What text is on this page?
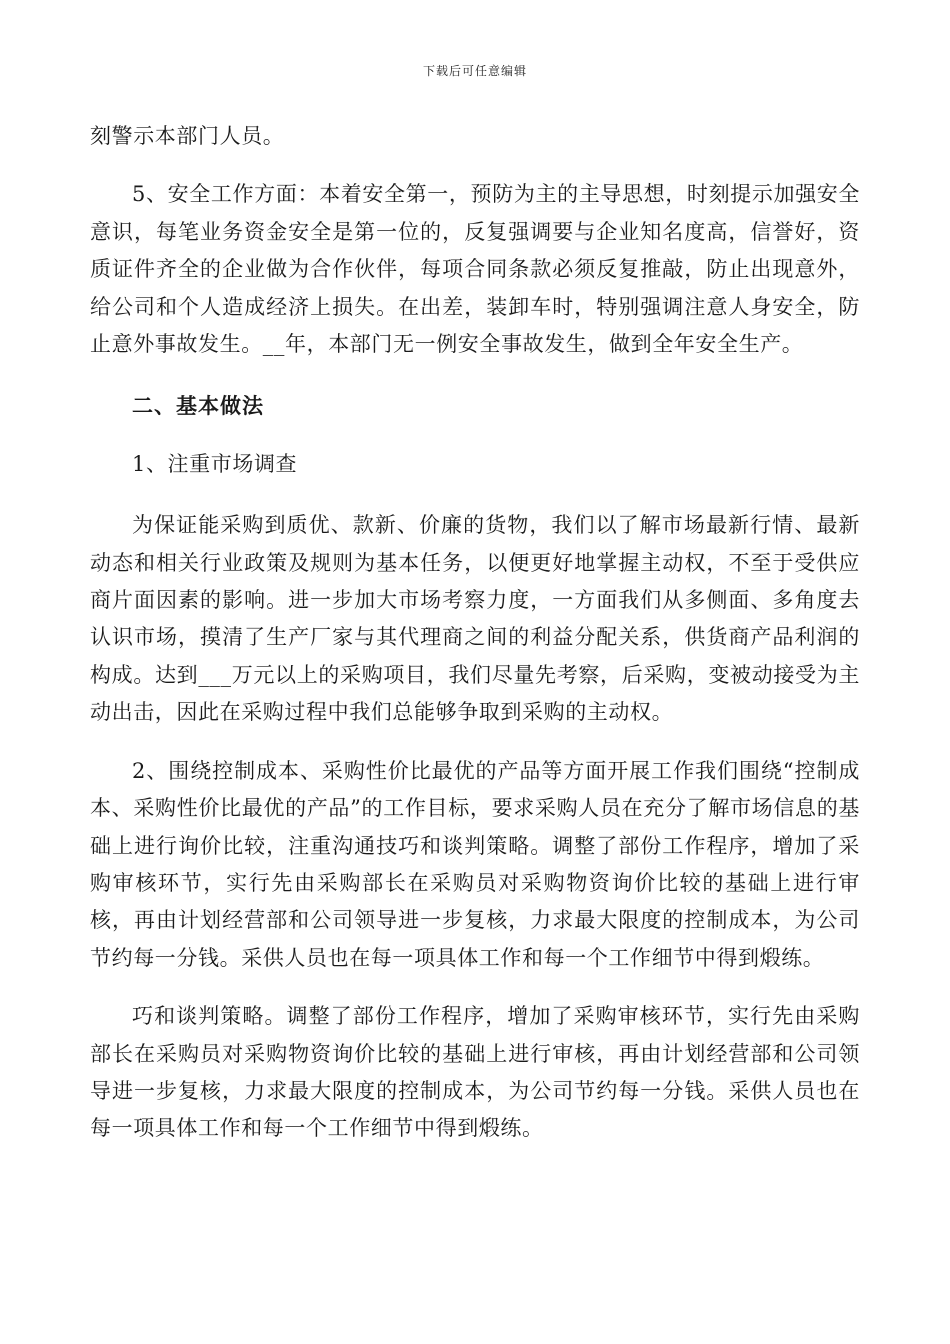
下载后可任意编辑

刻警示本部门人员。

5、安全工作方面：本着安全第一，预防为主的主导思想，时刻提示加强安全意识，每笔业务资金安全是第一位的，反复强调要与企业知名度高，信誉好，资质证件齐全的企业做为合作伙伴，每项合同条款必须反复推敲，防止出现意外，给公司和个人造成经济上损失。在出差，装卸车时，特别强调注意人身安全，防止意外事故发生。__年，本部门无一例安全事故发生，做到全年安全生产。

二、基本做法

1、注重市场调查

为保证能采购到质优、款新、价廉的货物，我们以了解市场最新行情、最新动态和相关行业政策及规则为基本任务，以便更好地掌握主动权，不至于受供应商片面因素的影响。进一步加大市场考察力度，一方面我们从多侧面、多角度去认识市场，摸清了生产厂家与其代理商之间的利益分配关系，供货商产品利润的构成。达到___万元以上的采购项目，我们尽量先考察，后采购，变被动接受为主动出击，因此在采购过程中我们总能够争取到采购的主动权。

2、围绕控制成本、采购性价比最优的产品等方面开展工作我们围绕“控制成本、采购性价比最优的产品”的工作目标，要求采购人员在充分了解市场信息的基础上进行询价比较，注重沟通技巧和谈判策略。调整了部份工作程序，增加了采购审核环节，实行先由采购部长在采购员对采购物资询价比较的基础上进行审核，再由计划经营部和公司领导进一步复核，力求最大限度的控制成本，为公司节约每一分钱。采供人员也在每一项具体工作和每一个工作细节中得到煅练。

巧和谈判策略。调整了部份工作程序，增加了采购审核环节，实行先由采购部长在采购员对采购物资询价比较的基础上进行审核，再由计划经营部和公司领导进一步复核，力求最大限度的控制成本，为公司节约每一分钱。采供人员也在每一项具体工作和每一个工作细节中得到煅练。
